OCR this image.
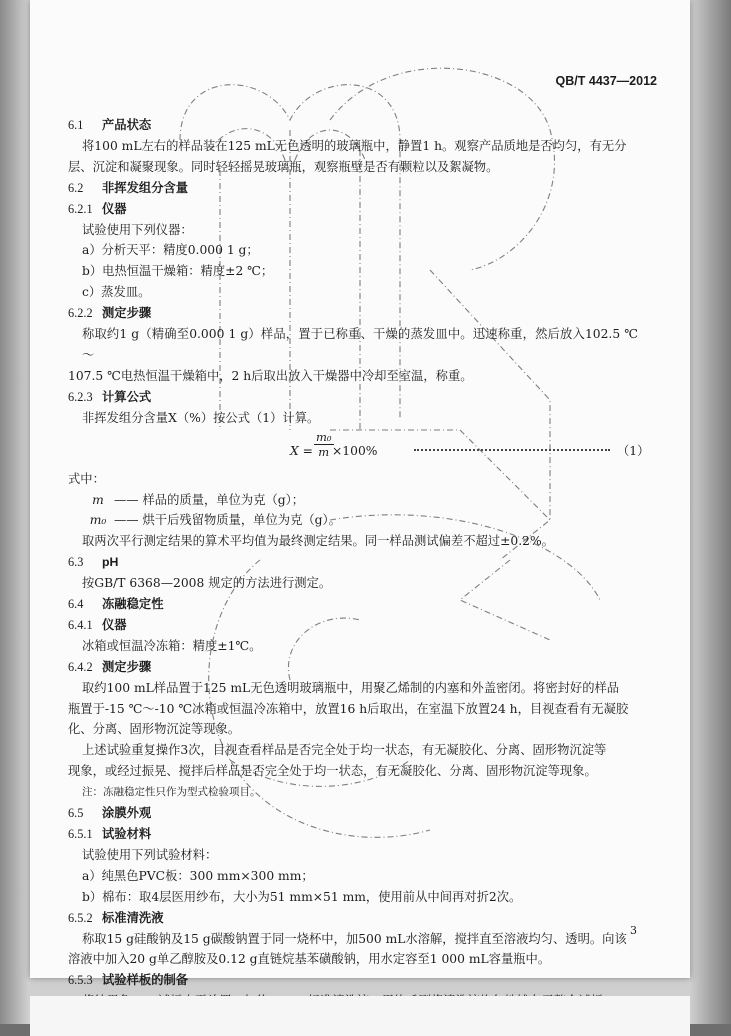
QB/T 4437—2012
6.1 产品状态
将100 mL左右的样品装在125 mL无色透明的玻璃瓶中，静置1 h。观察产品质地是否均匀，有无分
层、沉淀和凝聚现象。同时轻轻摇晃玻璃瓶，观察瓶壁是否有颗粒以及絮凝物。
6.2 非挥发组分含量
6.2.1 仪器
试验使用下列仪器：
a）分析天平：精度0.000 1 g；
b）电热恒温干燥箱：精度±2 ℃；
c）蒸发皿。
6.2.2 测定步骤
称取约1 g（精确至0.000 1 g）样品，置于已称重、干燥的蒸发皿中。迅速称重，然后放入102.5 ℃～
107.5 ℃电热恒温干燥箱中，2 h后取出放入干燥器中冷却至室温，称重。
6.2.3 计算公式
非挥发组分含量X（%）按公式（1）计算。
$X = \frac{\text{m₀}}{m}$
×100%	（1）
式中：
m —— 样品的质量，单位为克（g）；
m₀ —— 烘干后残留物质量，单位为克（g）。
取两次平行测定结果的算术平均值为最终测定结果。同一样品测试偏差不超过±0.2%。
6.3 pH
按GB/T 6368—2008 规定的方法进行测定。
6.4 冻融稳定性
6.4.1 仪器
冰箱或恒温冷冻箱：精度±1℃。
6.4.2 测定步骤
取约100 mL样品置于125 mL无色透明玻璃瓶中，用聚乙烯制的内塞和外盖密闭。将密封好的样品
瓶置于-15 ℃～-10 ℃冰箱或恒温冷冻箱中，放置16 h后取出，在室温下放置24 h，目视查看有无凝胶
化、分离、固形物沉淀等现象。
上述试验重复操作3次，目视查看样品是否完全处于均一状态，有无凝胶化、分离、固形物沉淀等
现象，或经过振晃、搅拌后样品是否完全处于均一状态，有无凝胶化、分离、固形物沉淀等现象。
注：冻融稳定性只作为型式检验项目。
6.5 涂膜外观
6.5.1 试验材料
试验使用下列试验材料：
a）纯黑色PVC板：300 mm×300 mm；
b）棉布：取4层医用纱布，大小为51 mm×51 mm，使用前从中间再对折2次。
6.5.2 标准清洗液
称取15 g硅酸钠及15 g碳酸钠置于同一烧杯中，加500 mL水溶解，搅拌直至溶液均匀、透明。向该
溶液中加入20 g单乙醇胺及0.12 g直链烷基苯磺酸钠，用水定容至1 000 mL容量瓶中。
6.5.3 试验样板的制备
3
